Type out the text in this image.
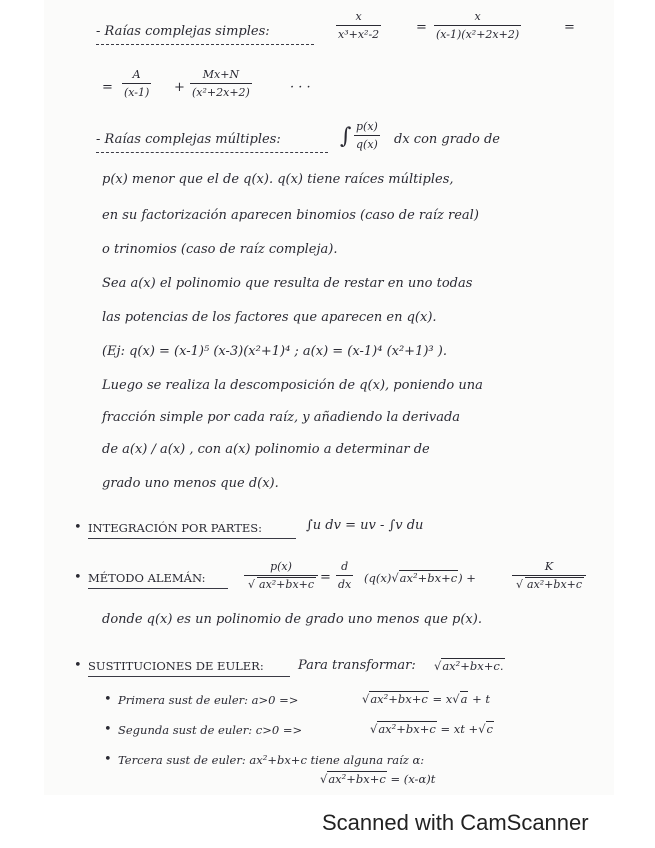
- Raías complejas simples:
x
x³+x²-2	=
x
(x-1)(x²+2x+2)	=
=
A
(x-1) +
Mx+N
(x²+2x+2)	· · ·
- Raías complejas múltiples:	∫ p(x)
q(x) dx con grado de
p(x) menor que el de q(x). q(x) tiene raíces múltiples,
en su factorización aparecen binomios (caso de raíz real)
o trinomios (caso de raíz compleja).
Sea a(x) el polinomio que resulta de restar en uno todas
las potencias de los factores que aparecen en q(x).
(Ej: q(x) = (x-1)⁵ (x-3)(x²+1)⁴ ; a(x) = (x-1)⁴ (x²+1)³ ).
Luego se realiza la descomposición de q(x), poniendo una
fracción simple por cada raíz, y añadiendo la derivada
de a(x) / a(x) , con a(x) polinomio a determinar de
grado uno menos que d(x).
• INTEGRACIÓN POR PARTES:	∫u dv = uv - ∫v du
• MÉTODO ALEMÁN:
p(x)
√ ax²+bx+c =
d
dx (q(x)√ax²+bx+c) +
K
√ ax²+bx+c
donde q(x) es un polinomio de grado uno menos que p(x).
• SUSTITUCIONES DE EULER:	Para transformar: √ax²+bx+c.
• Primera sust de euler: a>0 =>	√ax²+bx+c = x√a + t
• Segunda sust de euler: c>0 =>	√ax²+bx+c = xt +√c
• Tercera sust de euler: ax²+bx+c tiene alguna raíz α:
√ax²+bx+c = (x-α)t
Scanned with CamScanner
